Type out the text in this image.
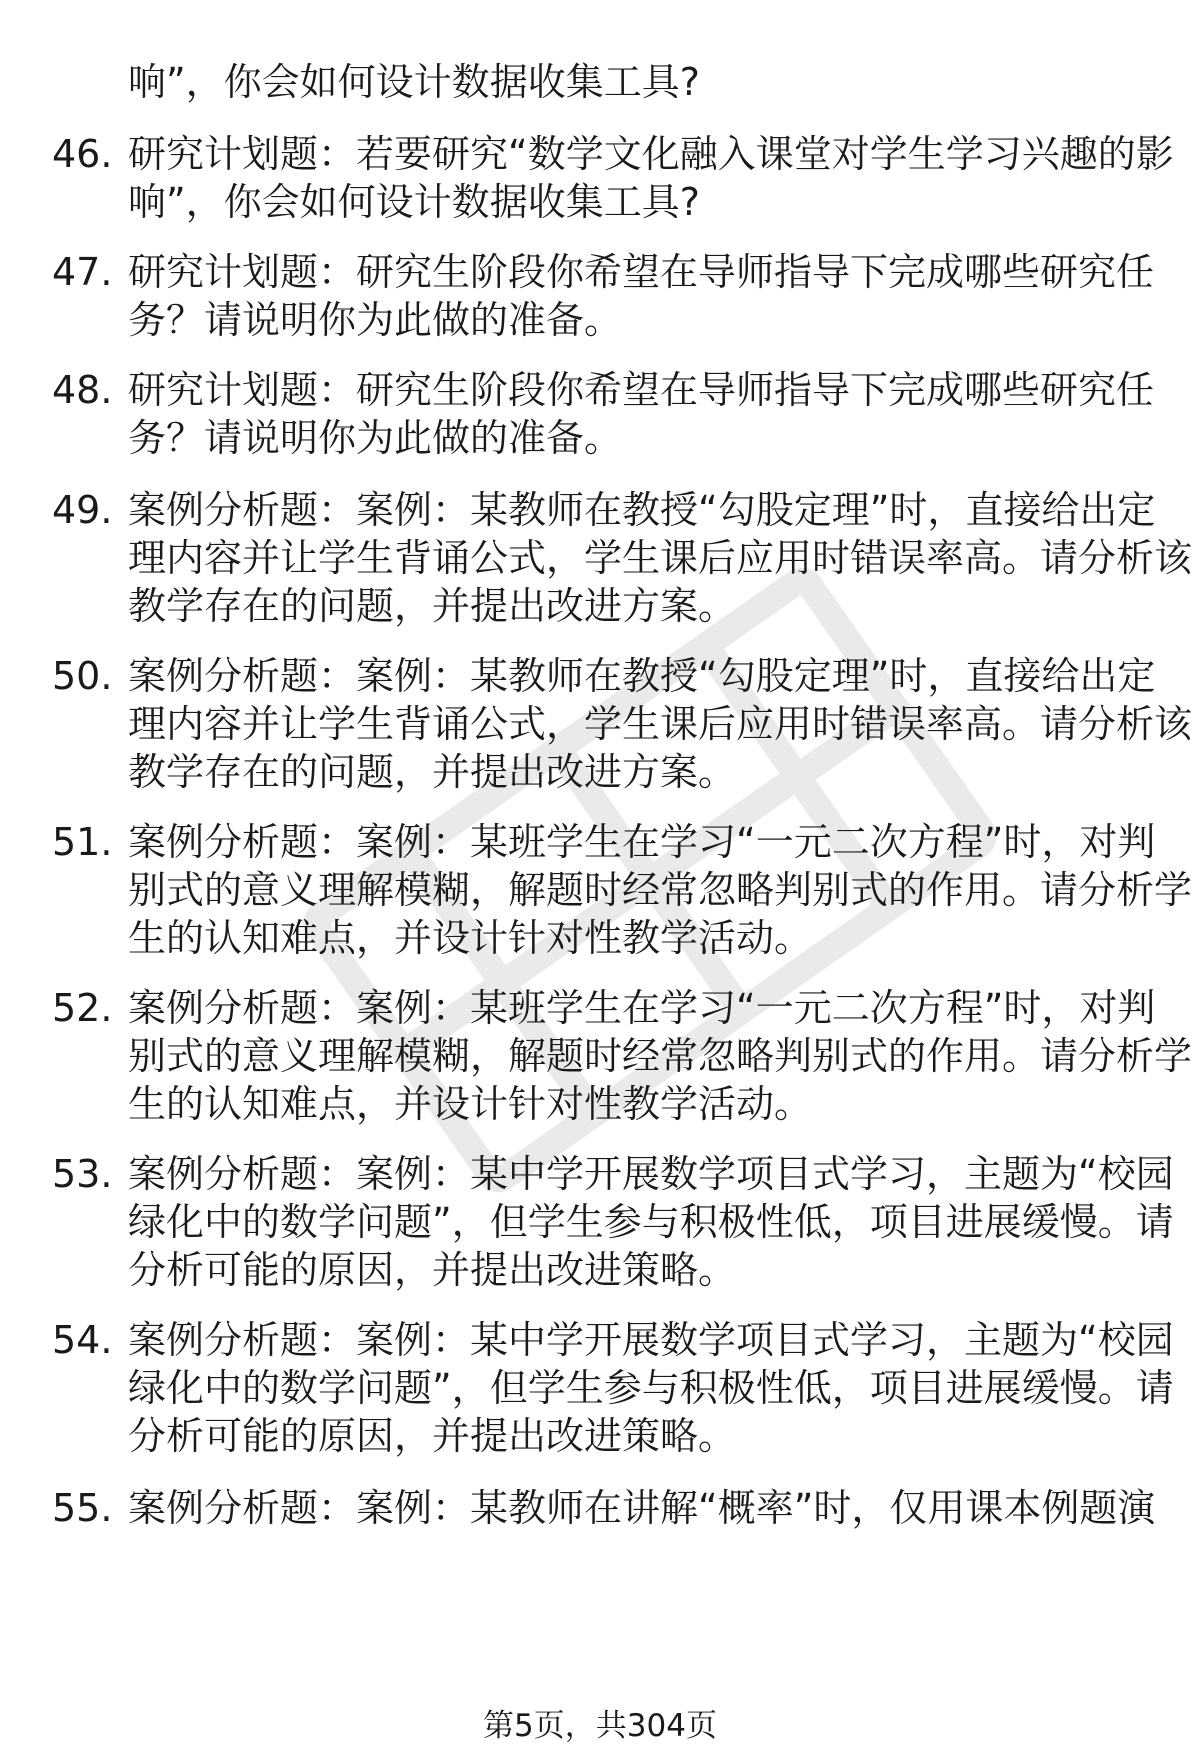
响”，你会如何设计数据收集工具?
46. 研究计划题：若要研究“数学文化融入课堂对学生学习兴趣的影
响”，你会如何设计数据收集工具?
47. 研究计划题：研究生阶段你希望在导师指导下完成哪些研究任
务？请说明你为此做的准备。
48. 研究计划题：研究生阶段你希望在导师指导下完成哪些研究任
务？请说明你为此做的准备。
49. 案例分析题：案例：某教师在教授“勾股定理”时，直接给出定
理内容并让学生背诵公式，学生课后应用时错误率高。请分析该
教学存在的问题，并提出改进方案。
50. 案例分析题：案例：某教师在教授“勾股定理”时，直接给出定
理内容并让学生背诵公式，学生课后应用时错误率高。请分析该
教学存在的问题，并提出改进方案。
51. 案例分析题：案例：某班学生在学习“一元二次方程”时，对判
别式的意义理解模糊，解题时经常忽略判别式的作用。请分析学
生的认知难点，并设计针对性教学活动。
52. 案例分析题：案例：某班学生在学习“一元二次方程”时，对判
别式的意义理解模糊，解题时经常忽略判别式的作用。请分析学
生的认知难点，并设计针对性教学活动。
53. 案例分析题：案例：某中学开展数学项目式学习，主题为“校园
绿化中的数学问题”，但学生参与积极性低，项目进展缓慢。请
分析可能的原因，并提出改进策略。
54. 案例分析题：案例：某中学开展数学项目式学习，主题为“校园
绿化中的数学问题”，但学生参与积极性低，项目进展缓慢。请
分析可能的原因，并提出改进策略。
55. 案例分析题：案例：某教师在讲解“概率”时，仅用课本例题演
第5页，共304页
